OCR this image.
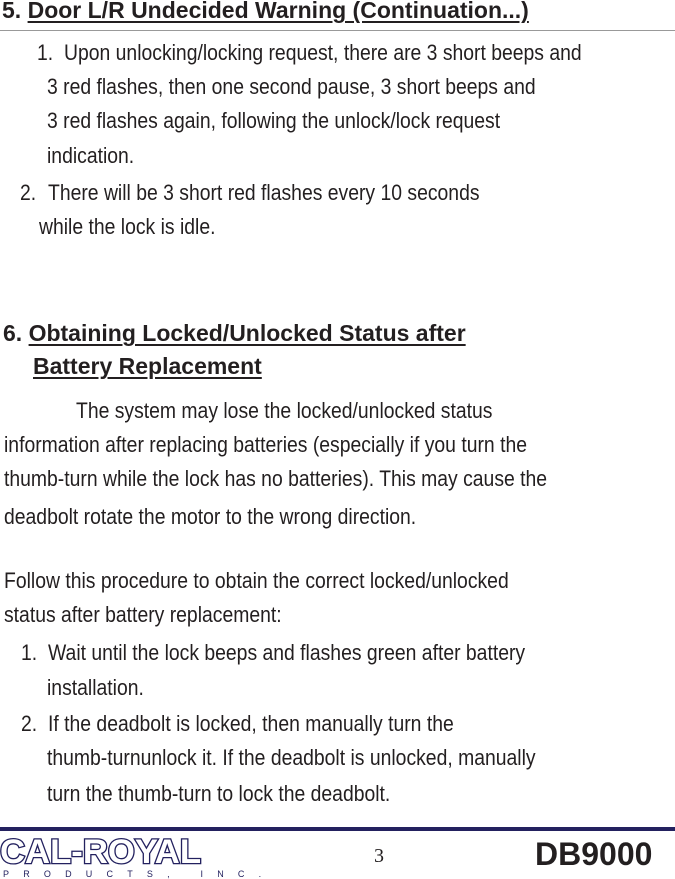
5. Door L/R Undecided Warning (Continuation...)
1. Upon unlocking/locking request, there are 3 short beeps and
3 red flashes, then one second pause, 3 short beeps and
3 red flashes again, following the unlock/lock request
indication.
2. There will be 3 short red flashes every 10 seconds
while the lock is idle.
6. Obtaining Locked/Unlocked Status after
Battery Replacement
The system may lose the locked/unlocked status
information after replacing batteries (especially if you turn the
thumb-turn while the lock has no batteries). This may cause the
deadbolt rotate the motor to the wrong direction.
Follow this procedure to obtain the correct locked/unlocked
status after battery replacement:
1. Wait until the lock beeps and flashes green after battery
installation.
2. If the deadbolt is locked, then manually turn the
thumb-turnunlock it. If the deadbolt is unlocked, manually
turn the thumb-turn to lock the deadbolt.
CAL-ROYAL
PRODUCTS, INC.
3	DB9000
